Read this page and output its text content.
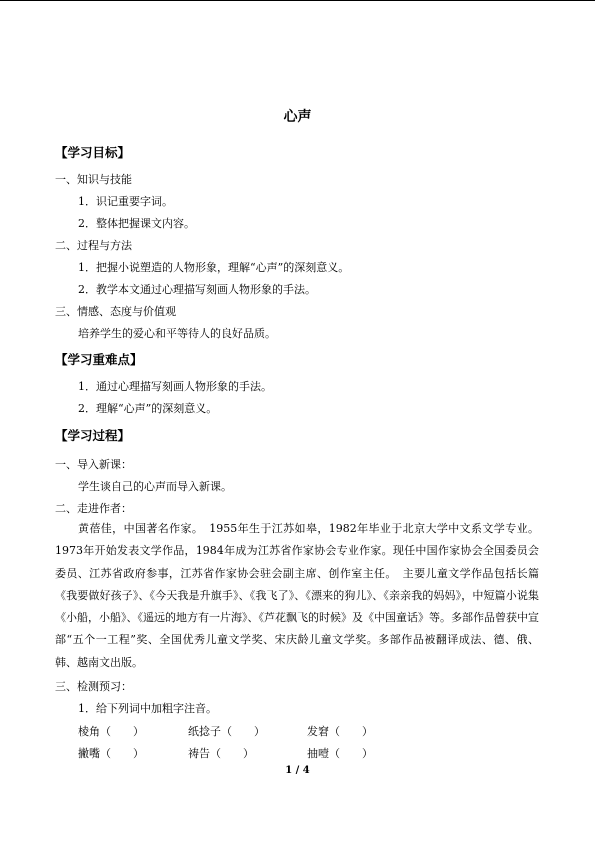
心声
【学习目标】
一、知识与技能
1．识记重要字词。
2．整体把握课文内容。
二、过程与方法
1．把握小说塑造的人物形象，理解“心声”的深刻意义。
2．教学本文通过心理描写刻画人物形象的手法。
三、情感、态度与价值观
培养学生的爱心和平等待人的良好品质。
【学习重难点】
1．通过心理描写刻画人物形象的手法。
2．理解“心声”的深刻意义。
【学习过程】
一、导入新课：
学生谈自己的心声而导入新课。
二、走进作者：
黄蓓佳，中国著名作家。　1955年生于江苏如皋，1982年毕业于北京大学中文系文学专业。1973年开始发表文学作品，1984年成为江苏省作家协会专业作家。现任中国作家协会全国委员会委员、江苏省政府参事，江苏省作家协会驻会副主席、创作室主任。　主要儿童文学作品包括长篇《我要做好孩子》、《今天我是升旗手》、《我飞了》、《漂来的狗儿》、《亲亲我的妈妈》，中短篇小说集《小船，小船》、《遥远的地方有一片海》、《芦花飘飞的时候》及《中国童话》等。多部作品曾获中宣部“五个一工程”奖、全国优秀儿童文学奖、宋庆龄儿童文学奖。多部作品被翻译成法、德、俄、韩、越南文出版。
三、检测预习：
1．给下列词中加粗字注音。
棱角（　　）	纸捻子（　　）	发窘（　　）
撇嘴（　　）	祷告（　　）	抽噎（　　）
1 / 4
